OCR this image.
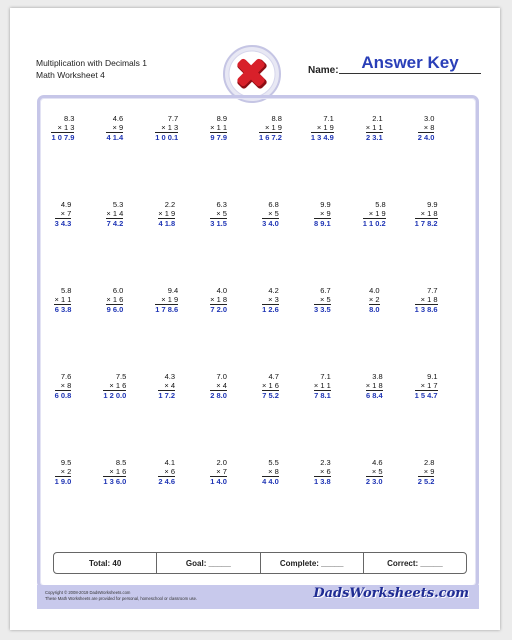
Multiplication with Decimals 1
Math Worksheet 4	Name:	Answer Key
8.3
× 1 3
1 0 7.9
4.6
× 9
4 1.4
7.7
× 1 3
1 0 0.1
8.9
× 1 1
9 7.9
8.8
× 1 9
1 6 7.2
7.1
× 1 9
1 3 4.9
2.1
× 1 1
2 3.1
3.0
× 8
2 4.0
4.9
× 7
3 4.3
5.3
× 1 4
7 4.2
2.2
× 1 9
4 1.8
6.3
× 5
3 1.5
6.8
× 5
3 4.0
9.9
× 9
8 9.1
5.8
× 1 9
1 1 0.2
9.9
× 1 8
1 7 8.2
5.8
× 1 1
6 3.8
6.0
× 1 6
9 6.0
9.4
× 1 9
1 7 8.6
4.0
× 1 8
7 2.0
4.2
× 3
1 2.6
6.7
× 5
3 3.5
4.0
× 2
8.0
7.7
× 1 8
1 3 8.6
7.6
× 8
6 0.8
7.5
× 1 6
1 2 0.0
4.3
× 4
1 7.2
7.0
× 4
2 8.0
4.7
× 1 6
7 5.2
7.1
× 1 1
7 8.1
3.8
× 1 8
6 8.4
9.1
× 1 7
1 5 4.7
9.5
× 2
1 9.0
8.5
× 1 6
1 3 6.0
4.1
× 6
2 4.6
2.0
× 7
1 4.0
5.5
× 8
4 4.0
2.3
× 6
1 3.8
4.6
× 5
2 3.0
2.8
× 9
2 5.2
Total: 40	Goal: _____	Complete: _____	Correct: _____
Copyright © 2008-2019 DadsWorksheets.com
These Math Worksheets are provided for personal, homeschool or classroom use.	DadsWorksheets.com
